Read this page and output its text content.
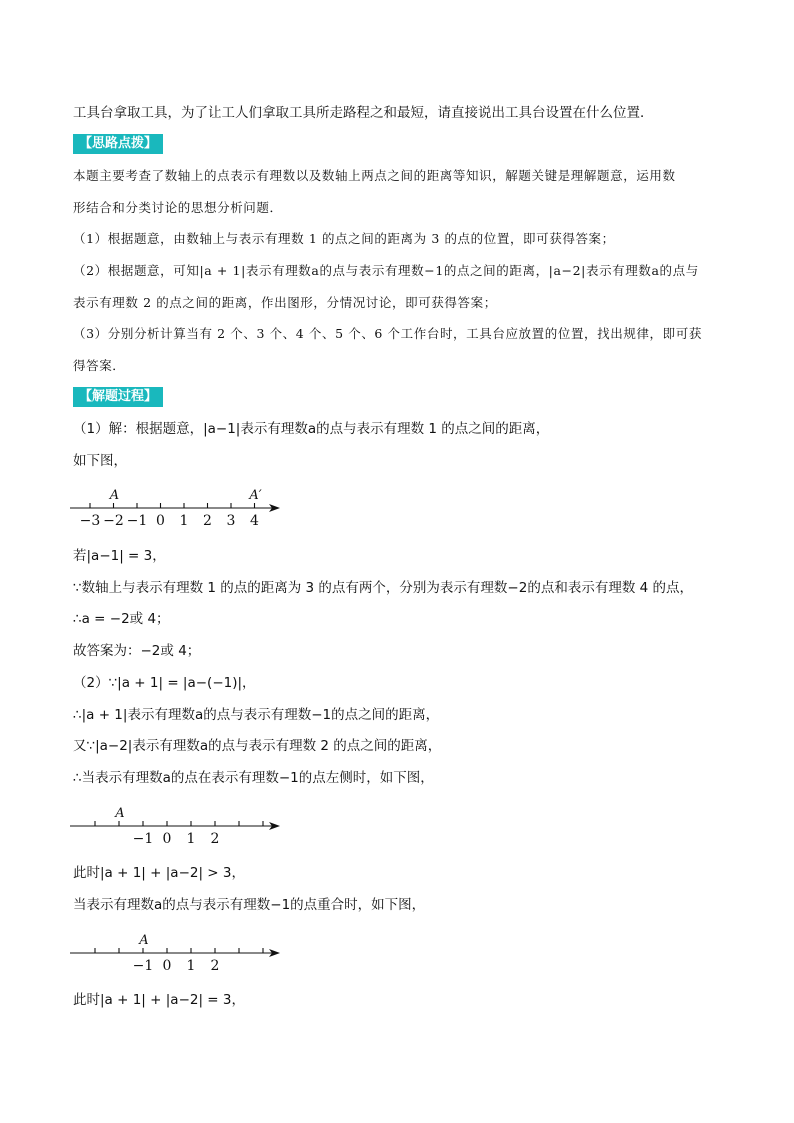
工具台拿取工具，为了让工人们拿取工具所走路程之和最短，请直接说出工具台设置在什么位置．
【思路点拨】
本题主要考查了数轴上的点表示有理数以及数轴上两点之间的距离等知识，解题关键是理解题意，运用数
形结合和分类讨论的思想分析问题．
（1）根据题意，由数轴上与表示有理数 1 的点之间的距离为 3 的点的位置，即可获得答案；
（2）根据题意，可知|a + 1|表示有理数a的点与表示有理数−1的点之间的距离，|a−2|表示有理数a的点与
表示有理数 2 的点之间的距离，作出图形，分情况讨论，即可获得答案；
（3）分别分析计算当有 2 个、3 个、4 个、5 个、6 个工作台时，工具台应放置的位置，找出规律，即可获
得答案．
【解题过程】
（1）解：根据题意，|a−1|表示有理数a的点与表示有理数 1 的点之间的距离，
如下图，
−3 −2 −1 0 1 2 3 4
A	A′
若|a−1| = 3，
∵数轴上与表示有理数 1 的点的距离为 3 的点有两个，分别为表示有理数−2的点和表示有理数 4 的点，
∴a = −2或 4；
故答案为：−2或 4；
（2）∵|a + 1| = |a−(−1)|，
∴|a + 1|表示有理数a的点与表示有理数−1的点之间的距离，
又∵|a−2|表示有理数a的点与表示有理数 2 的点之间的距离，
∴当表示有理数a的点在表示有理数−1的点左侧时，如下图，
−1 0 1 2
A
此时|a + 1| + |a−2| > 3，
当表示有理数a的点与表示有理数−1的点重合时，如下图，
−1 0 1 2
A
此时|a + 1| + |a−2| = 3，
